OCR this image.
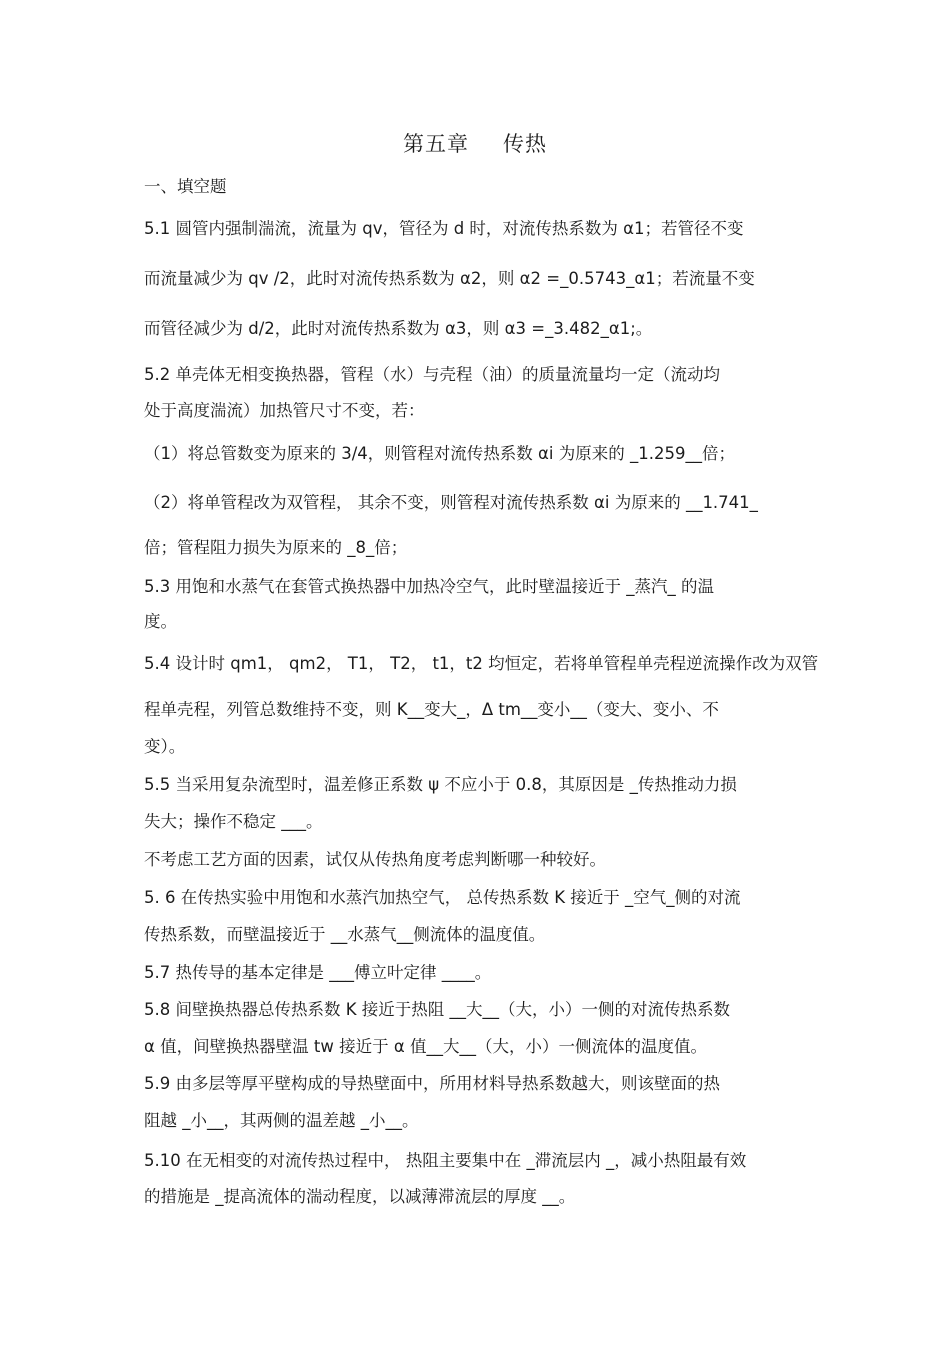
第五章 传热
一、填空题
5.1 圆管内强制湍流，流量为 qv，管径为 d 时，对流传热系数为 α1；若管径不变
而流量减少为 qv /2，此时对流传热系数为 α2，则 α2 =_0.5743_α1；若流量不变
而管径减少为 d/2，此时对流传热系数为 α3，则 α3 =_3.482_α1;。
5.2 单壳体无相变换热器，管程（水）与壳程（油）的质量流量均一定（流动均
处于高度湍流）加热管尺寸不变，若：
（1）将总管数变为原来的 3/4，则管程对流传热系数 αi 为原来的 _1.259__倍；
（2）将单管程改为双管程， 其余不变，则管程对流传热系数 αi 为原来的 __1.741_
倍；管程阻力损失为原来的 _8_倍；
5.3 用饱和水蒸气在套管式换热器中加热冷空气，此时壁温接近于 _蒸汽_ 的温
度。
5.4 设计时 qm1， qm2， T1， T2， t1，t2 均恒定，若将单管程单壳程逆流操作改为双管
程单壳程，列管总数维持不变，则 K__变大_，Δ tm__变小__（变大、变小、不
变）。
5.5 当采用复杂流型时，温差修正系数 ψ 不应小于 0.8，其原因是 _传热推动力损
失大；操作不稳定 ___。
不考虑工艺方面的因素，试仅从传热角度考虑判断哪一种较好。
5. 6 在传热实验中用饱和水蒸汽加热空气， 总传热系数 K 接近于 _空气_侧的对流
传热系数，而壁温接近于 __水蒸气__侧流体的温度值。
5.7 热传导的基本定律是 ___傅立叶定律 ____。
5.8 间壁换热器总传热系数 K 接近于热阻 __大__（大，小）一侧的对流传热系数
α 值，间壁换热器壁温 tw 接近于 α 值__大__（大，小）一侧流体的温度值。
5.9 由多层等厚平壁构成的导热壁面中，所用材料导热系数越大，则该壁面的热
阻越 _小__，其两侧的温差越 _小__。
5.10 在无相变的对流传热过程中， 热阻主要集中在 _滞流层内 _，减小热阻最有效
的措施是 _提高流体的湍动程度，以减薄滞流层的厚度 __。
